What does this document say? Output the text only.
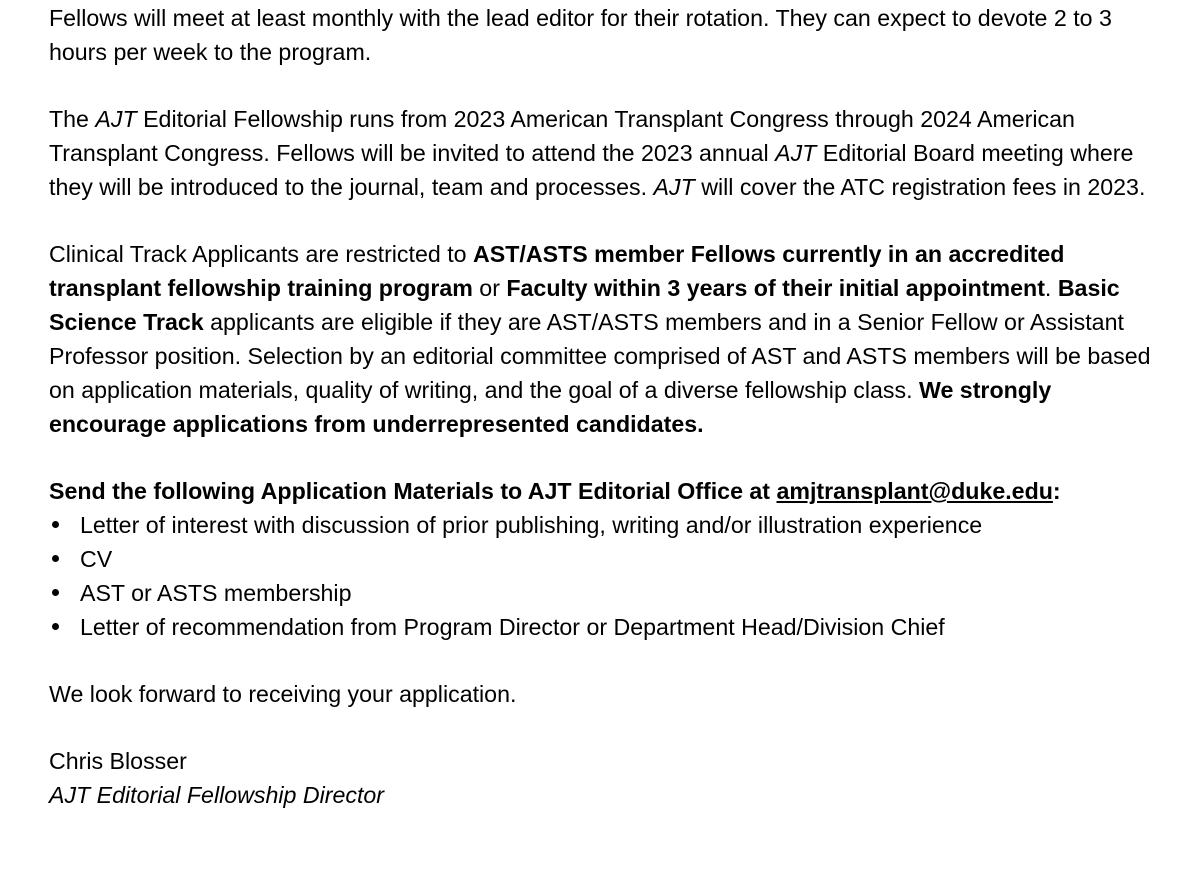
Fellows will meet at least monthly with the lead editor for their rotation. They can expect to devote 2 to 3 hours per week to the program.

The AJT Editorial Fellowship runs from 2023 American Transplant Congress through 2024 American Transplant Congress. Fellows will be invited to attend the 2023 annual AJT Editorial Board meeting where they will be introduced to the journal, team and processes. AJT will cover the ATC registration fees in 2023.

Clinical Track Applicants are restricted to AST/ASTS member Fellows currently in an accredited transplant fellowship training program or Faculty within 3 years of their initial appointment. Basic Science Track applicants are eligible if they are AST/ASTS members and in a Senior Fellow or Assistant Professor position. Selection by an editorial committee comprised of AST and ASTS members will be based on application materials, quality of writing, and the goal of a diverse fellowship class. We strongly encourage applications from underrepresented candidates.

Send the following Application Materials to AJT Editorial Office at amjtransplant@duke.edu:

Letter of interest with discussion of prior publishing, writing and/or illustration experience
CV
AST or ASTS membership
Letter of recommendation from Program Director or Department Head/Division Chief

We look forward to receiving your application.

Chris Blosser

AJT Editorial Fellowship Director
